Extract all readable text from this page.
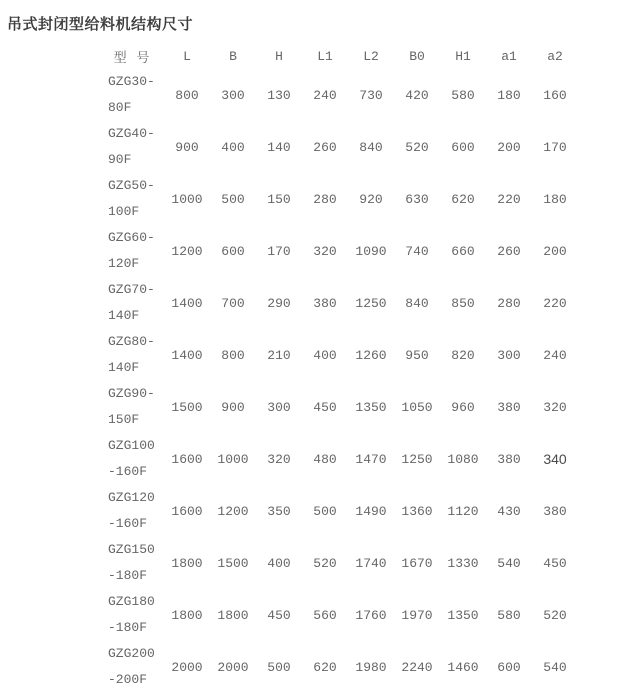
吊式封闭型给料机结构尺寸
型 号	L	B	H	L1	L2	B0	H1	a1	a2
GZG30-
80F	800	300	130	240	730	420	580	180	160
GZG40-
90F	900	400	140	260	840	520	600	200	170
GZG50-
100F	1000	500	150	280	920	630	620	220	180
GZG60-
120F	1200	600	170	320	1090	740	660	260	200
GZG70-
140F	1400	700	290	380	1250	840	850	280	220
GZG80-
140F	1400	800	210	400	1260	950	820	300	240
GZG90-
150F	1500	900	300	450	1350	1050	960	380	320
GZG100
-160F	1600	1000	320	480	1470	1250	1080	380	340
GZG120
-160F	1600	1200	350	500	1490	1360	1120	430	380
GZG150
-180F	1800	1500	400	520	1740	1670	1330	540	450
GZG180
-180F	1800	1800	450	560	1760	1970	1350	580	520
GZG200
-200F	2000	2000	500	620	1980	2240	1460	600	540
